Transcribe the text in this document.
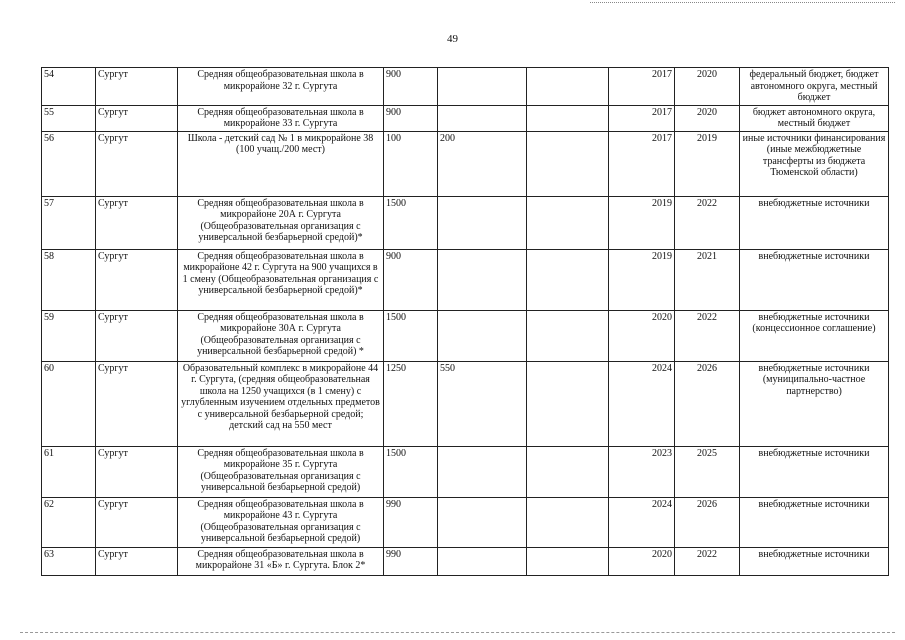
49
54	Сургут	Средняя общеобразовательная школа в микрорайоне 32 г. Сургута	900			2017	2020	федеральный бюджет, бюджет автономного округа, местный бюджет
55	Сургут	Средняя общеобразовательная школа в микрорайоне 33 г. Сургута	900			2017	2020	бюджет автономного округа, местный бюджет
56	Сургут	Школа - детский сад № 1 в микрорайоне 38 (100 учащ./200 мест)	100	200		2017	2019	иные источники финансирования (иные межбюджетные трансферты из бюджета Тюменской области)
57	Сургут	Средняя общеобразовательная школа в микрорайоне 20А г. Сургута (Общеобразовательная организация с универсальной безбарьерной средой)*	1500			2019	2022	внебюджетные источники
58	Сургут	Средняя общеобразовательная школа в микрорайоне 42 г. Сургута на 900 учащихся в 1 смену (Общеобразовательная организация с универсальной безбарьерной средой)*	900			2019	2021	внебюджетные источники
59	Сургут	Средняя общеобразовательная школа в микрорайоне 30А г. Сургута (Общеобразовательная организация с универсальной безбарьерной средой) *	1500			2020	2022	внебюджетные источники (концессионное соглашение)
60	Сургут	Образовательный комплекс в микрорайоне 44 г. Сургута, (средняя общеобразовательная школа на 1250 учащихся (в 1 смену) с углубленным изучением отдельных предметов с универсальной безбарьерной средой; детский сад на 550 мест	1250	550		2024	2026	внебюджетные источники (муниципально-частное партнерство)
61	Сургут	Средняя общеобразовательная школа в микрорайоне 35 г. Сургута (Общеобразовательная организация с универсальной безбарьерной средой)	1500			2023	2025	внебюджетные источники
62	Сургут	Средняя общеобразовательная школа в микрорайоне 43 г. Сургута (Общеобразовательная организация с универсальной безбарьерной средой)	990			2024	2026	внебюджетные источники
63	Сургут	Средняя общеобразовательная школа в микрорайоне 31 «Б» г. Сургута. Блок 2*	990			2020	2022	внебюджетные источники
